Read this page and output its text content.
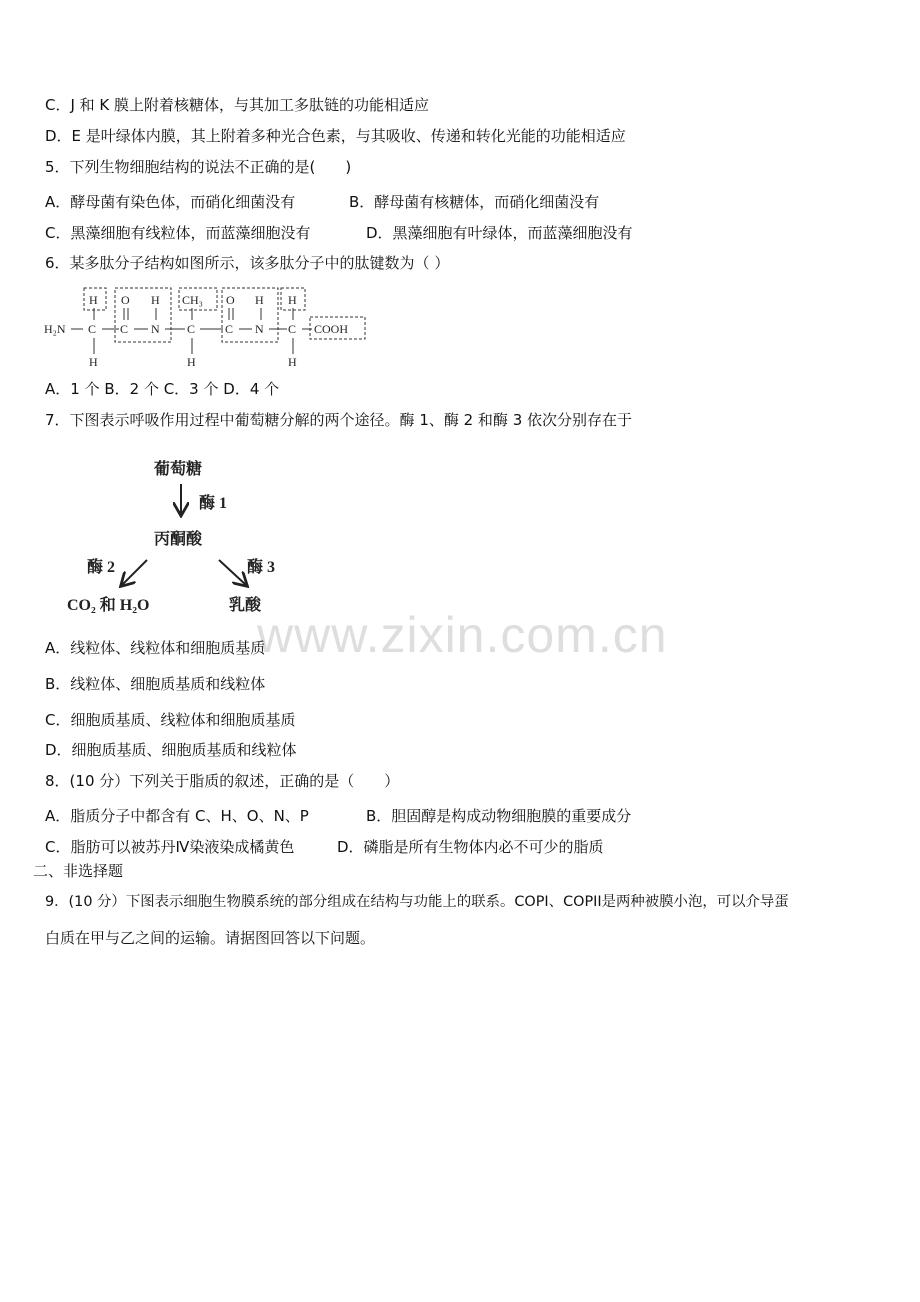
www.zixin.com.cn
C．J 和 K 膜上附着核糖体，与其加工多肽链的功能相适应
D．E 是叶绿体内膜，其上附着多种光合色素，与其吸收、传递和转化光能的功能相适应
5．下列生物细胞结构的说法不正确的是(　　)
A．酵母菌有染色体，而硝化细菌没有	B．酵母菌有核糖体，而硝化细菌没有
C．黑藻细胞有线粒体，而蓝藻细胞没有	D．黑藻细胞有叶绿体，而蓝藻细胞没有
6．某多肽分子结构如图所示，该多肽分子中的肽键数为（ ）
H₂N
H
C
H
O
C
H
N
CH₃
C
H
O
C
H
N
H
C
H
COOH
A．1 个 B．2 个 C．3 个 D．4 个
7．下图表示呼吸作用过程中葡萄糖分解的两个途径。酶 1、酶 2 和酶 3 依次分别存在于
葡萄糖
酶 1
丙酮酸
酶 2	酶 3
CO₂ 和 H₂O	乳酸
A．线粒体、线粒体和细胞质基质
B．线粒体、细胞质基质和线粒体
C．细胞质基质、线粒体和细胞质基质
D．细胞质基质、细胞质基质和线粒体
8．(10 分）下列关于脂质的叙述，正确的是（　　）
A．脂质分子中都含有 C、H、O、N、P	B．胆固醇是构成动物细胞膜的重要成分
C．脂肪可以被苏丹Ⅳ染液染成橘黄色	D．磷脂是所有生物体内必不可少的脂质
二、非选择题
9．(10 分）下图表示细胞生物膜系统的部分组成在结构与功能上的联系。COPI、COPII是两种被膜小泡，可以介导蛋
白质在甲与乙之间的运输。请据图回答以下问题。
